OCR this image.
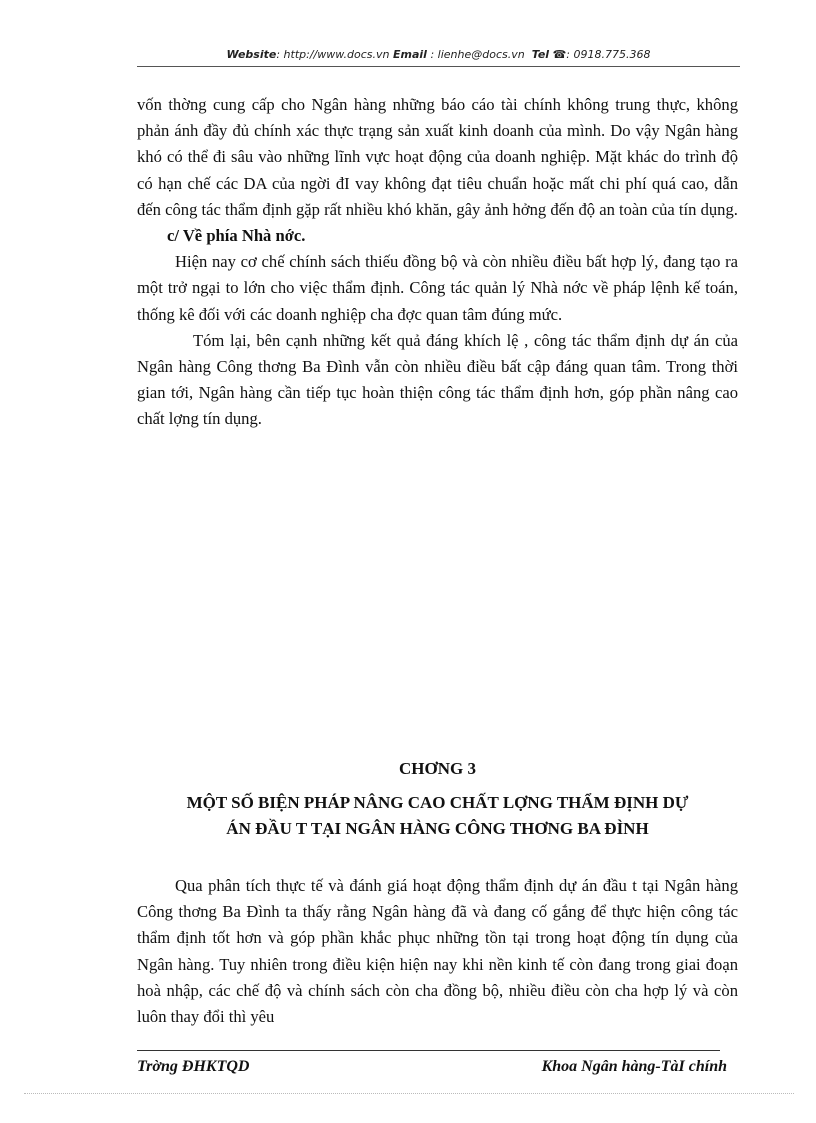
Website: http://www.docs.vn Email : lienhe@docs.vn Tel ☎: 0918.775.368

vốn thờng cung cấp cho Ngân hàng những báo cáo tài chính không trung thực, không phản ánh đầy đủ chính xác thực trạng sản xuất kinh doanh của mình. Do vậy Ngân hàng khó có thể đi sâu vào những lĩnh vực hoạt động của doanh nghiệp. Mặt khác do trình độ có hạn chế các DA của ngời đI vay không đạt tiêu chuẩn hoặc mất chi phí quá cao, dẫn đến công tác thẩm định gặp rất nhiều khó khăn, gây ảnh hởng đến độ an toàn của tín dụng.

c/ Về phía Nhà nớc.

Hiện nay cơ chế chính sách thiếu đồng bộ và còn nhiều điều bất hợp lý, đang tạo ra một trở ngại to lớn cho việc thẩm định. Công tác quản lý Nhà nớc về pháp lệnh kế toán, thống kê đối với các doanh nghiệp cha đợc quan tâm đúng mức.

Tóm lại, bên cạnh những kết quả đáng khích lệ , công tác thẩm định dự án của Ngân hàng Công thơng Ba Đình vẫn còn nhiều điều bất cập đáng quan tâm. Trong thời gian tới, Ngân hàng cần tiếp tục hoàn thiện công tác thẩm định hơn, góp phần nâng cao chất lợng tín dụng.

CHƠNG 3
MỘT SỐ BIỆN PHÁP NÂNG CAO CHẤT LỢNG THẨM ĐỊNH DỰ
ÁN ĐẦU T TẠI NGÂN HÀNG CÔNG THƠNG BA ĐÌNH

Qua phân tích thực tế và đánh giá hoạt động thẩm định dự án đầu t tại Ngân hàng Công thơng Ba Đình ta thấy rằng Ngân hàng đã và đang cố gắng để thực hiện công tác thẩm định tốt hơn và góp phần khắc phục những tồn tại trong hoạt động tín dụng của Ngân hàng. Tuy nhiên trong điều kiện hiện nay khi nền kinh tế còn đang trong giai đoạn hoà nhập, các chế độ và chính sách còn cha đồng bộ, nhiều điều còn cha hợp lý và còn luôn thay đổi thì yêu

Trờng ĐHKTQD	Khoa Ngân hàng-TàI chính
